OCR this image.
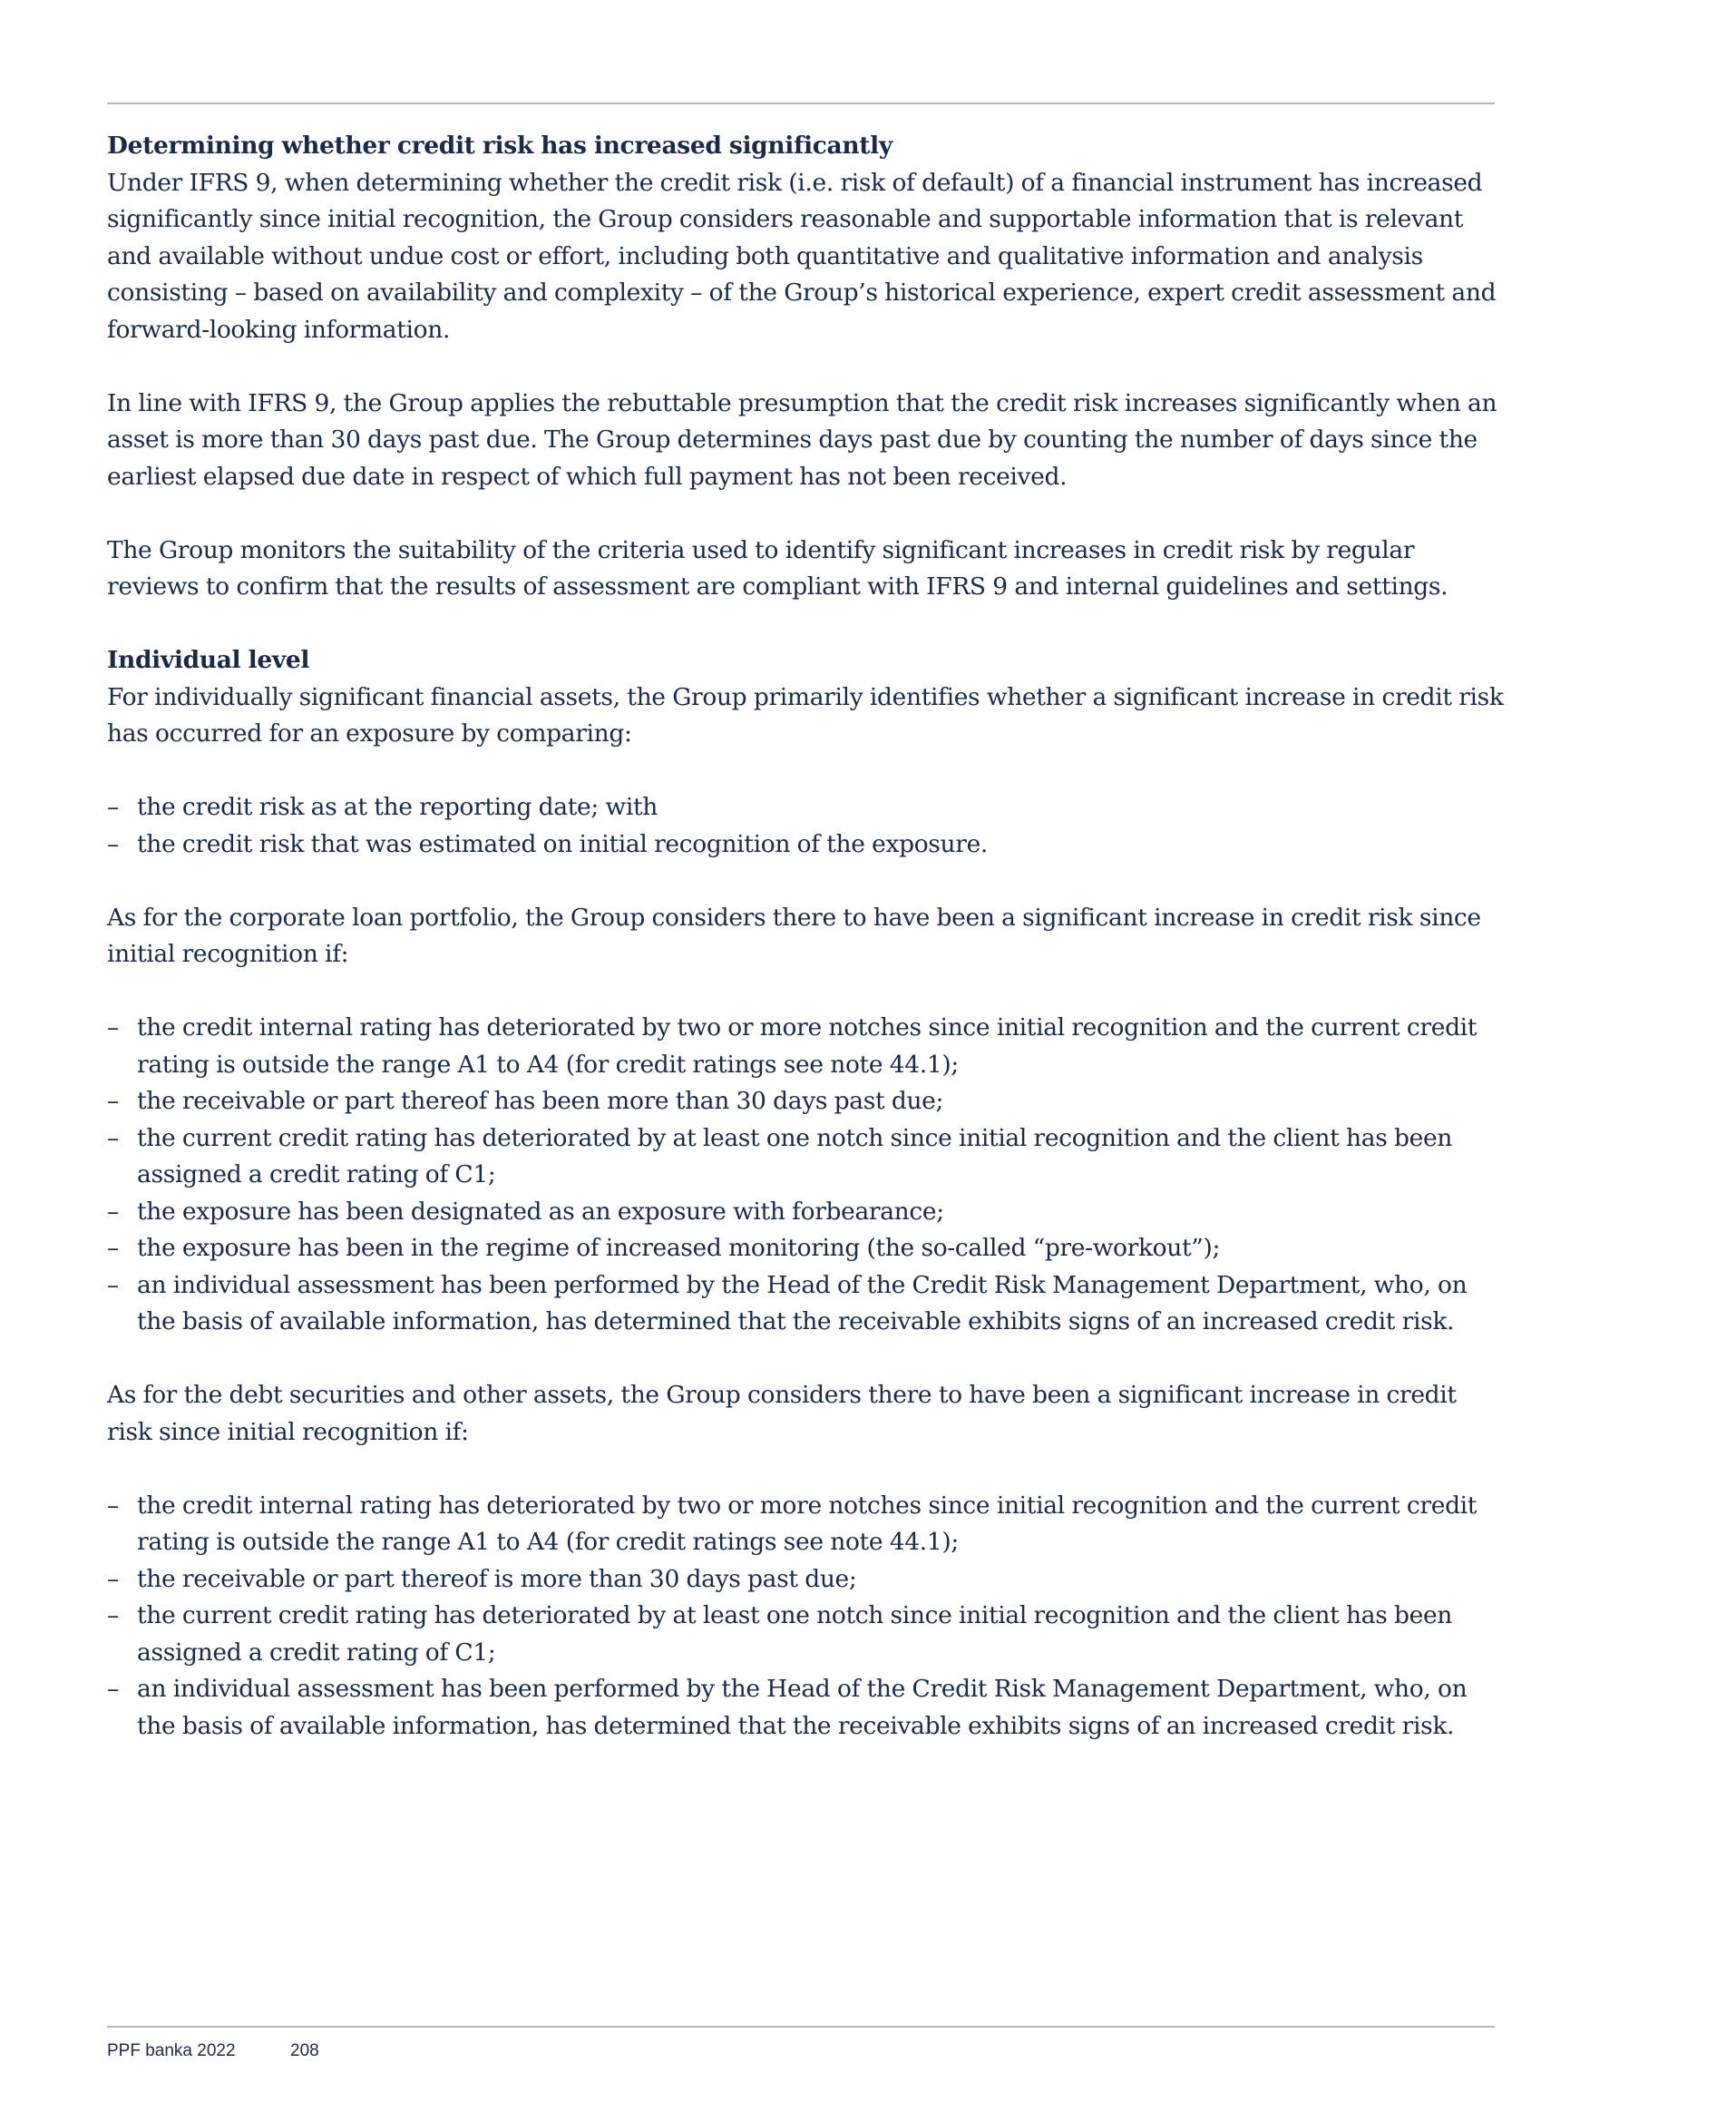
Determining whether credit risk has increased significantly

Under IFRS 9, when determining whether the credit risk (i.e. risk of default) of a financial instrument has increased significantly since initial recognition, the Group considers reasonable and supportable information that is relevant and available without undue cost or effort, including both quantitative and qualitative information and analysis consisting – based on availability and complexity – of the Group’s historical experience, expert credit assessment and forward-looking information.

In line with IFRS 9, the Group applies the rebuttable presumption that the credit risk increases significantly when an asset is more than 30 days past due. The Group determines days past due by counting the number of days since the earliest elapsed due date in respect of which full payment has not been received.

The Group monitors the suitability of the criteria used to identify significant increases in credit risk by regular reviews to confirm that the results of assessment are compliant with IFRS 9 and internal guidelines and settings.

Individual level

For individually significant financial assets, the Group primarily identifies whether a significant increase in credit risk has occurred for an exposure by comparing:

– the credit risk as at the reporting date; with
– the credit risk that was estimated on initial recognition of the exposure.

As for the corporate loan portfolio, the Group considers there to have been a significant increase in credit risk since initial recognition if:

– the credit internal rating has deteriorated by two or more notches since initial recognition and the current credit rating is outside the range A1 to A4 (for credit ratings see note 44.1);
– the receivable or part thereof has been more than 30 days past due;
– the current credit rating has deteriorated by at least one notch since initial recognition and the client has been assigned a credit rating of C1;
– the exposure has been designated as an exposure with forbearance;
– the exposure has been in the regime of increased monitoring (the so-called “pre-workout”);
– an individual assessment has been performed by the Head of the Credit Risk Management Department, who, on the basis of available information, has determined that the receivable exhibits signs of an increased credit risk.

As for the debt securities and other assets, the Group considers there to have been a significant increase in credit risk since initial recognition if:

– the credit internal rating has deteriorated by two or more notches since initial recognition and the current credit rating is outside the range A1 to A4 (for credit ratings see note 44.1);
– the receivable or part thereof is more than 30 days past due;
– the current credit rating has deteriorated by at least one notch since initial recognition and the client has been assigned a credit rating of C1;
– an individual assessment has been performed by the Head of the Credit Risk Management Department, who, on the basis of available information, has determined that the receivable exhibits signs of an increased credit risk.
PPF banka 2022	208
